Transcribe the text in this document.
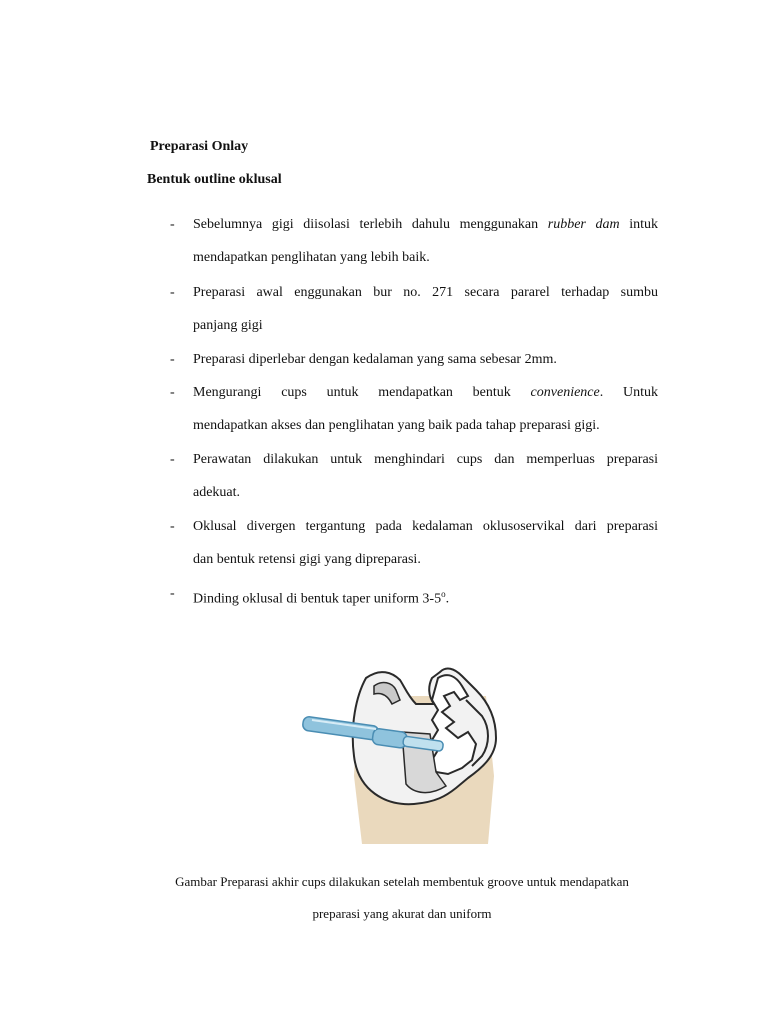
Preparasi Onlay
Bentuk outline oklusal
- Sebelumnya gigi diisolasi terlebih dahulu menggunakan rubber dam intuk
mendapatkan penglihatan yang lebih baik.
- Preparasi awal enggunakan bur no. 271 secara pararel terhadap sumbu
panjang gigi
- Preparasi diperlebar dengan kedalaman yang sama sebesar 2mm.
- Mengurangi cups untuk mendapatkan bentuk convenience. Untuk
mendapatkan akses dan penglihatan yang baik pada tahap preparasi gigi.
- Perawatan dilakukan untuk menghindari cups dan memperluas preparasi
adekuat.
- Oklusal divergen tergantung pada kedalaman oklusoservikal dari preparasi
dan bentuk retensi gigi yang dipreparasi.
- Dinding oklusal di bentuk taper uniform 3-5$^o$.
Gambar Preparasi akhir cups dilakukan setelah membentuk groove untuk mendapatkan
preparasi yang akurat dan uniform
